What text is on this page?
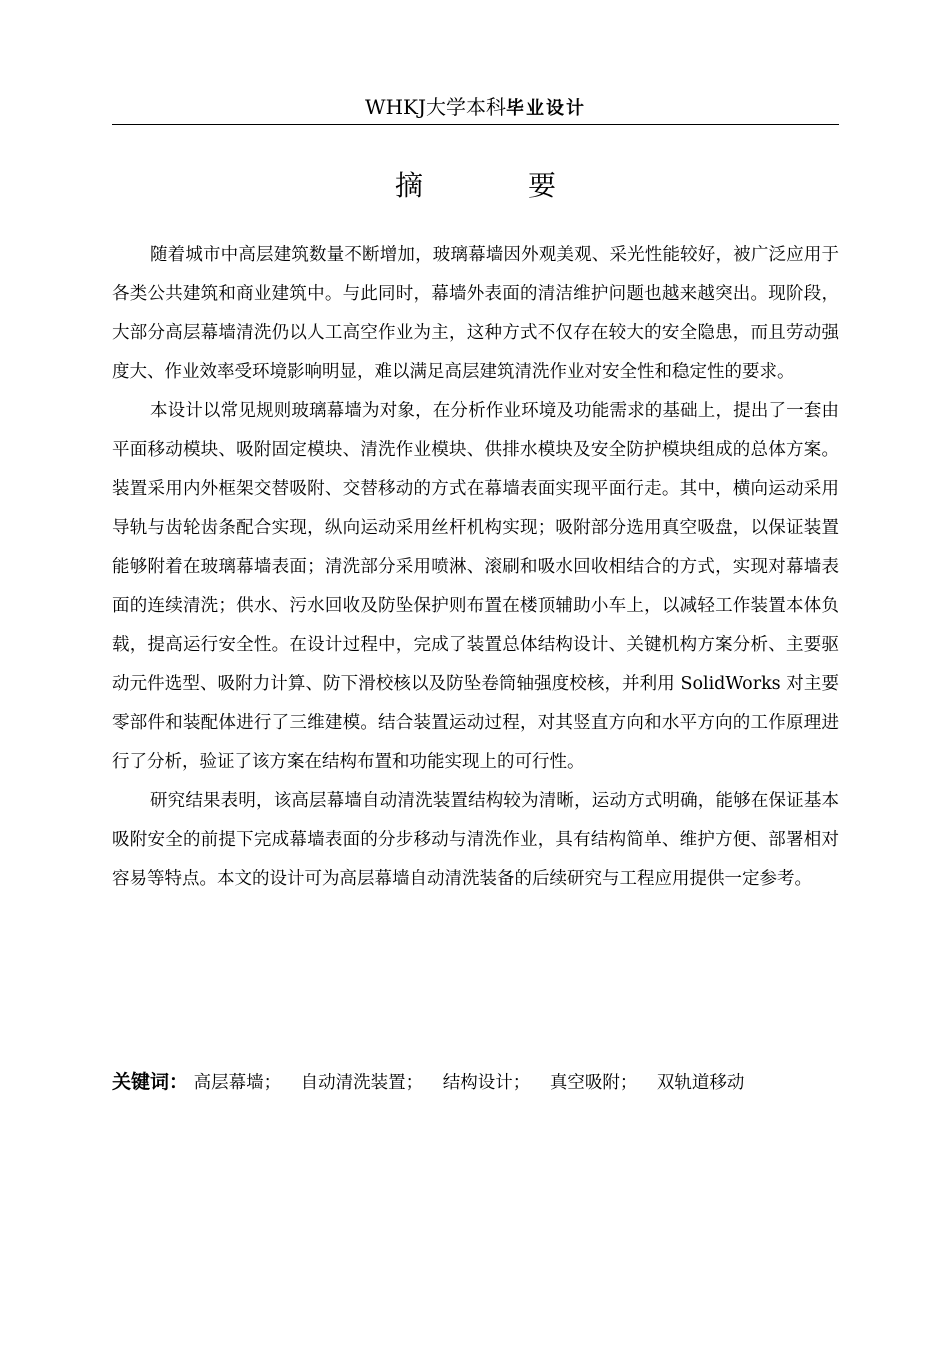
WHKJ大学本科毕业设计
摘 要

随着城市中高层建筑数量不断增加，玻璃幕墙因外观美观、采光性能较好，被广泛应用于各类公共建筑和商业建筑中。与此同时，幕墙外表面的清洁维护问题也越来越突出。现阶段，大部分高层幕墙清洗仍以人工高空作业为主，这种方式不仅存在较大的安全隐患，而且劳动强度大、作业效率受环境影响明显，难以满足高层建筑清洗作业对安全性和稳定性的要求。

本设计以常见规则玻璃幕墙为对象，在分析作业环境及功能需求的基础上，提出了一套由平面移动模块、吸附固定模块、清洗作业模块、供排水模块及安全防护模块组成的总体方案。装置采用内外框架交替吸附、交替移动的方式在幕墙表面实现平面行走。其中，横向运动采用导轨与齿轮齿条配合实现，纵向运动采用丝杆机构实现；吸附部分选用真空吸盘，以保证装置能够附着在玻璃幕墙表面；清洗部分采用喷淋、滚刷和吸水回收相结合的方式，实现对幕墙表面的连续清洗；供水、污水回收及防坠保护则布置在楼顶辅助小车上，以减轻工作装置本体负载，提高运行安全性。在设计过程中，完成了装置总体结构设计、关键机构方案分析、主要驱动元件选型、吸附力计算、防下滑校核以及防坠卷筒轴强度校核，并利用 SolidWorks 对主要零部件和装配体进行了三维建模。结合装置运动过程，对其竖直方向和水平方向的工作原理进行了分析，验证了该方案在结构布置和功能实现上的可行性。

研究结果表明，该高层幕墙自动清洗装置结构较为清晰，运动方式明确，能够在保证基本吸附安全的前提下完成幕墙表面的分步移动与清洗作业，具有结构简单、维护方便、部署相对容易等特点。本文的设计可为高层幕墙自动清洗装备的后续研究与工程应用提供一定参考。

关键词： 高层幕墙； 自动清洗装置； 结构设计； 真空吸附； 双轨道移动
